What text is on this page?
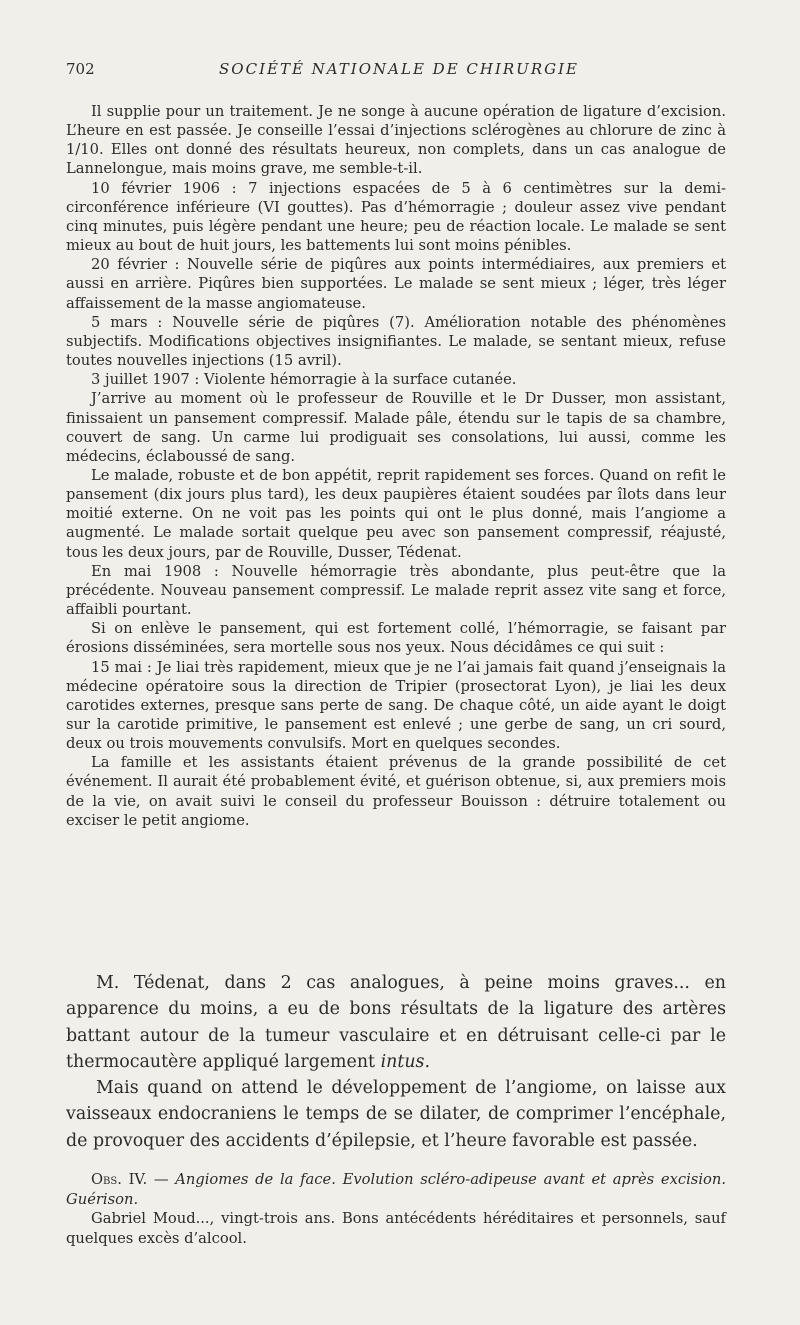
702	SOCIÉTÉ NATIONALE DE CHIRURGIE

Il supplie pour un traitement. Je ne songe à aucune opération de ligature d’excision. L’heure en est passée. Je conseille l’essai d’injections sclérogènes au chlorure de zinc à 1/10. Elles ont donné des résultats heureux, non complets, dans un cas analogue de Lannelongue, mais moins grave, me semble-t-il.

10 février 1906 : 7 injections espacées de 5 à 6 centimètres sur la demi-circonférence inférieure (VI gouttes). Pas d’hémorragie ; douleur assez vive pendant cinq minutes, puis légère pendant une heure; peu de réaction locale. Le malade se sent mieux au bout de huit jours, les battements lui sont moins pénibles.

20 février : Nouvelle série de piqûres aux points intermédiaires, aux premiers et aussi en arrière. Piqûres bien supportées. Le malade se sent mieux ; léger, très léger affaissement de la masse angiomateuse.

5 mars : Nouvelle série de piqûres (7). Amélioration notable des phénomènes subjectifs. Modifications objectives insignifiantes. Le malade, se sentant mieux, refuse toutes nouvelles injections (15 avril).

3 juillet 1907 : Violente hémorragie à la surface cutanée.

J’arrive au moment où le professeur de Rouville et le Dr Dusser, mon assistant, finissaient un pansement compressif. Malade pâle, étendu sur le tapis de sa chambre, couvert de sang. Un carme lui prodiguait ses consolations, lui aussi, comme les médecins, éclaboussé de sang.

Le malade, robuste et de bon appétit, reprit rapidement ses forces. Quand on refit le pansement (dix jours plus tard), les deux paupières étaient soudées par îlots dans leur moitié externe. On ne voit pas les points qui ont le plus donné, mais l’angiome a augmenté. Le malade sortait quelque peu avec son pansement compressif, réajusté, tous les deux jours, par de Rouville, Dusser, Tédenat.

En mai 1908 : Nouvelle hémorragie très abondante, plus peut-être que la précédente. Nouveau pansement compressif. Le malade reprit assez vite sang et force, affaibli pourtant.

Si on enlève le pansement, qui est fortement collé, l’hémorragie, se faisant par érosions disséminées, sera mortelle sous nos yeux. Nous décidâmes ce qui suit :

15 mai : Je liai très rapidement, mieux que je ne l’ai jamais fait quand j’enseignais la médecine opératoire sous la direction de Tripier (prosectorat Lyon), je liai les deux carotides externes, presque sans perte de sang. De chaque côté, un aide ayant le doigt sur la carotide primitive, le pansement est enlevé ; une gerbe de sang, un cri sourd, deux ou trois mouvements convulsifs. Mort en quelques secondes.

La famille et les assistants étaient prévenus de la grande possibilité de cet événement. Il aurait été probablement évité, et guérison obtenue, si, aux premiers mois de la vie, on avait suivi le conseil du professeur Bouisson : détruire totalement ou exciser le petit angiome.

M. Tédenat, dans 2 cas analogues, à peine moins graves... en apparence du moins, a eu de bons résultats de la ligature des artères battant autour de la tumeur vasculaire et en détruisant celle-ci par le thermocautère appliqué largement intus.

Mais quand on attend le développement de l’angiome, on laisse aux vaisseaux endocraniens le temps de se dilater, de comprimer l’encéphale, de provoquer des accidents d’épilepsie, et l’heure favorable est passée.

Obs. IV. — Angiomes de la face. Evolution scléro-adipeuse avant et après excision. Guérison.

Gabriel Moud..., vingt-trois ans. Bons antécédents héréditaires et personnels, sauf quelques excès d’alcool.
